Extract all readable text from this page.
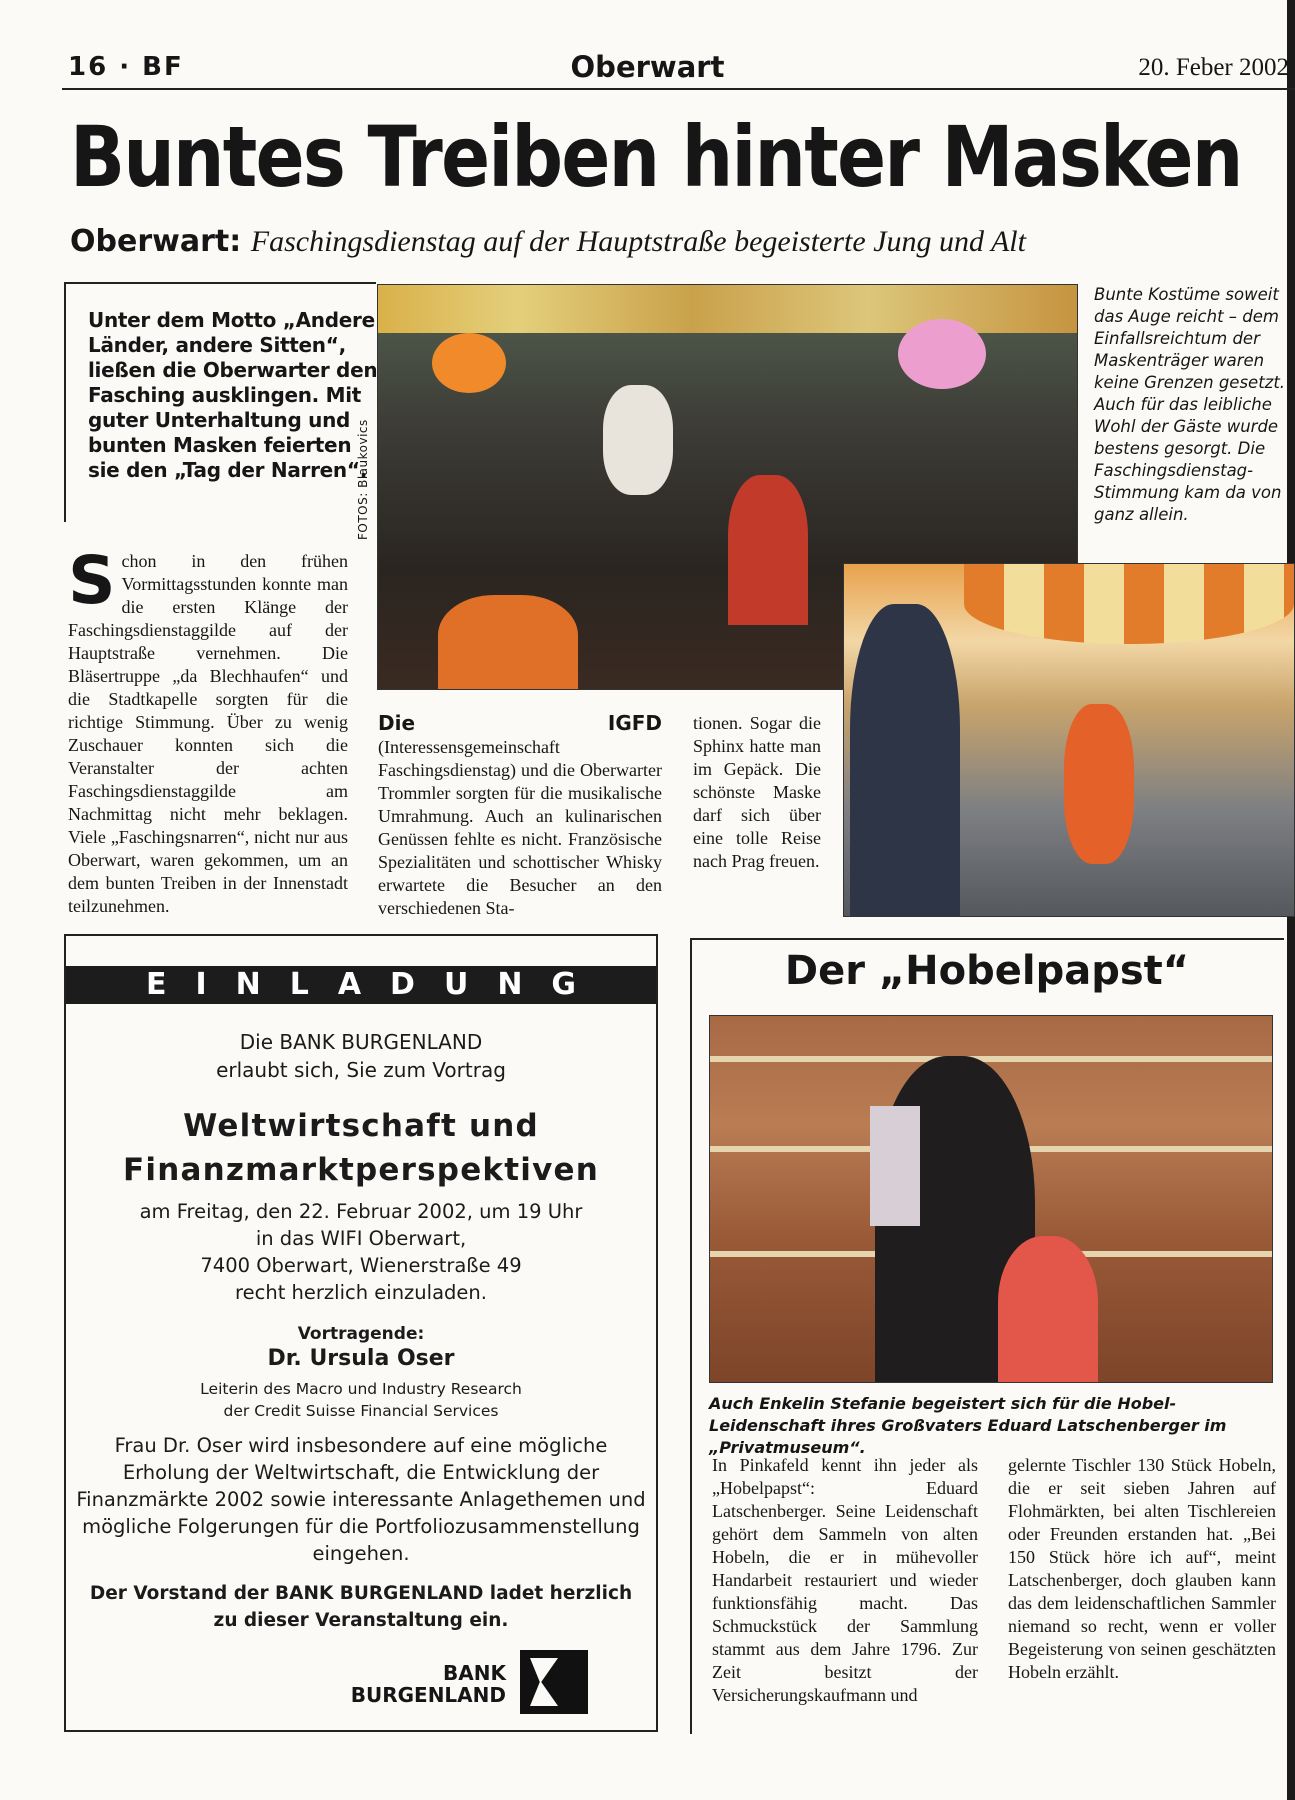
16 · BF	Oberwart	20. Feber 2002
Buntes Treiben hinter Masken
Oberwart: Faschingsdienstag auf der Hauptstraße begeisterte Jung und Alt
Unter dem Motto „Andere Länder, andere Sitten“, ließen die Oberwarter den Fasching ausklingen. Mit guter Unterhaltung und bunten Masken feierten sie den „Tag der Narren“.
Schon in den frühen Vormittagsstunden konnte man die ersten Klänge der Faschingsdienstaggilde auf der Hauptstraße vernehmen. Die Bläsertruppe „da Blechhaufen“ und die Stadtkapelle sorgten für die richtige Stimmung. Über zu wenig Zuschauer konnten sich die Veranstalter der achten Faschingsdienstaggilde am Nachmittag nicht mehr beklagen. Viele „Faschingsnarren“, nicht nur aus Oberwart, waren gekommen, um an dem bunten Treiben in der Innenstadt teilzunehmen.
FOTOS: Blaukovics
Die IGFD (Interessensgemeinschaft Faschingsdienstag) und die Oberwarter Trommler sorgten für die musikalische Umrahmung. Auch an kulinarischen Genüssen fehlte es nicht. Französische Spezialitäten und schottischer Whisky erwartete die Besucher an den verschiedenen Sta-
tionen. Sogar die Sphinx hatte man im Gepäck. Die schönste Maske darf sich über eine tolle Reise nach Prag freuen.
Bunte Kostüme soweit das Auge reicht – dem Einfallsreichtum der Maskenträger waren keine Grenzen gesetzt. Auch für das leibliche Wohl der Gäste wurde bestens gesorgt. Die Faschingsdienstag-Stimmung kam da von ganz allein.
EINLADUNG
Die BANK BURGENLAND
erlaubt sich, Sie zum Vortrag
Weltwirtschaft und
Finanzmarktperspektiven
am Freitag, den 22. Februar 2002, um 19 Uhr
in das WIFI Oberwart,
7400 Oberwart, Wienerstraße 49
recht herzlich einzuladen.
Vortragende:
Dr. Ursula Oser
Leiterin des Macro und Industry Research
der Credit Suisse Financial Services
Frau Dr. Oser wird insbesondere auf eine mögliche Erholung der Weltwirtschaft, die Entwicklung der Finanzmärkte 2002 sowie interessante Anlagethemen und mögliche Folgerungen für die Portfoliozusammenstellung eingehen.
Der Vorstand der BANK BURGENLAND ladet herzlich
zu dieser Veranstaltung ein.
BANK
BURGENLAND
Der „Hobelpapst“
Auch Enkelin Stefanie begeistert sich für die Hobel-Leidenschaft ihres Großvaters Eduard Latschenberger im „Privatmuseum“.
In Pinkafeld kennt ihn jeder als „Hobelpapst“: Eduard Latschenberger. Seine Leidenschaft gehört dem Sammeln von alten Hobeln, die er in mühevoller Handarbeit restauriert und wieder funktionsfähig macht. Das Schmuckstück der Sammlung stammt aus dem Jahre 1796. Zur Zeit besitzt der Versicherungskaufmann und
gelernte Tischler 130 Stück Hobeln, die er seit sieben Jahren auf Flohmärkten, bei alten Tischlereien oder Freunden erstanden hat. „Bei 150 Stück höre ich auf“, meint Latschenberger, doch glauben kann das dem leidenschaftlichen Sammler niemand so recht, wenn er voller Begeisterung von seinen geschätzten Hobeln erzählt.
